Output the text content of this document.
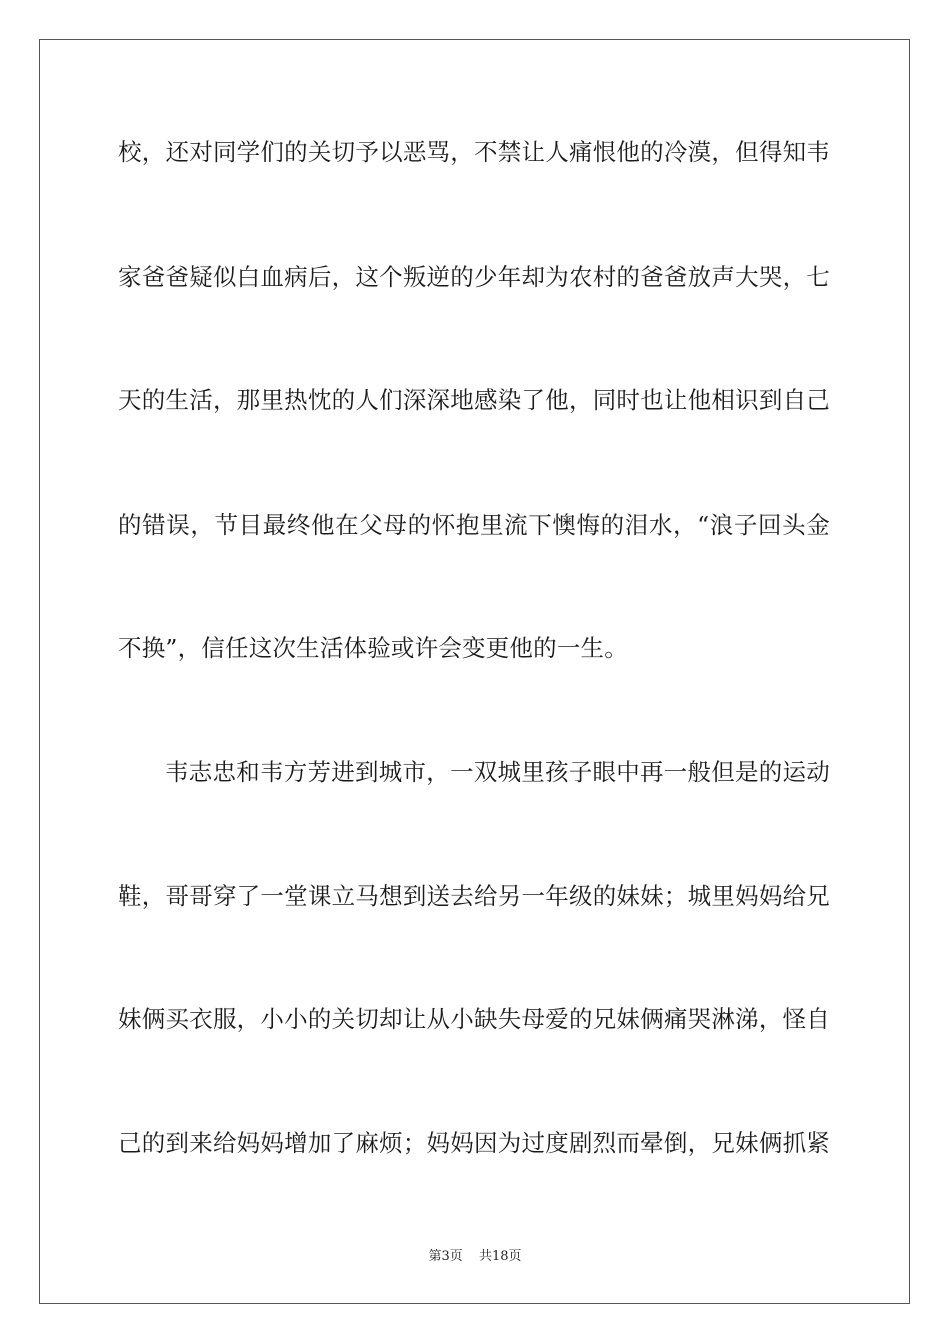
校，还对同学们的关切予以恶骂，不禁让人痛恨他的冷漠，但得知韦
家爸爸疑似白血病后，这个叛逆的少年却为农村的爸爸放声大哭，七
天的生活，那里热忱的人们深深地感染了他，同时也让他相识到自己
的错误，节目最终他在父母的怀抱里流下懊悔的泪水，“浪子回头金
不换”，信任这次生活体验或许会变更他的一生。
韦志忠和韦方芳进到城市，一双城里孩子眼中再一般但是的运动
鞋，哥哥穿了一堂课立马想到送去给另一年级的妹妹；城里妈妈给兄
妹俩买衣服，小小的关切却让从小缺失母爱的兄妹俩痛哭淋涕，怪自
己的到来给妈妈增加了麻烦；妈妈因为过度剧烈而晕倒，兄妹俩抓紧
第3页 共18页
